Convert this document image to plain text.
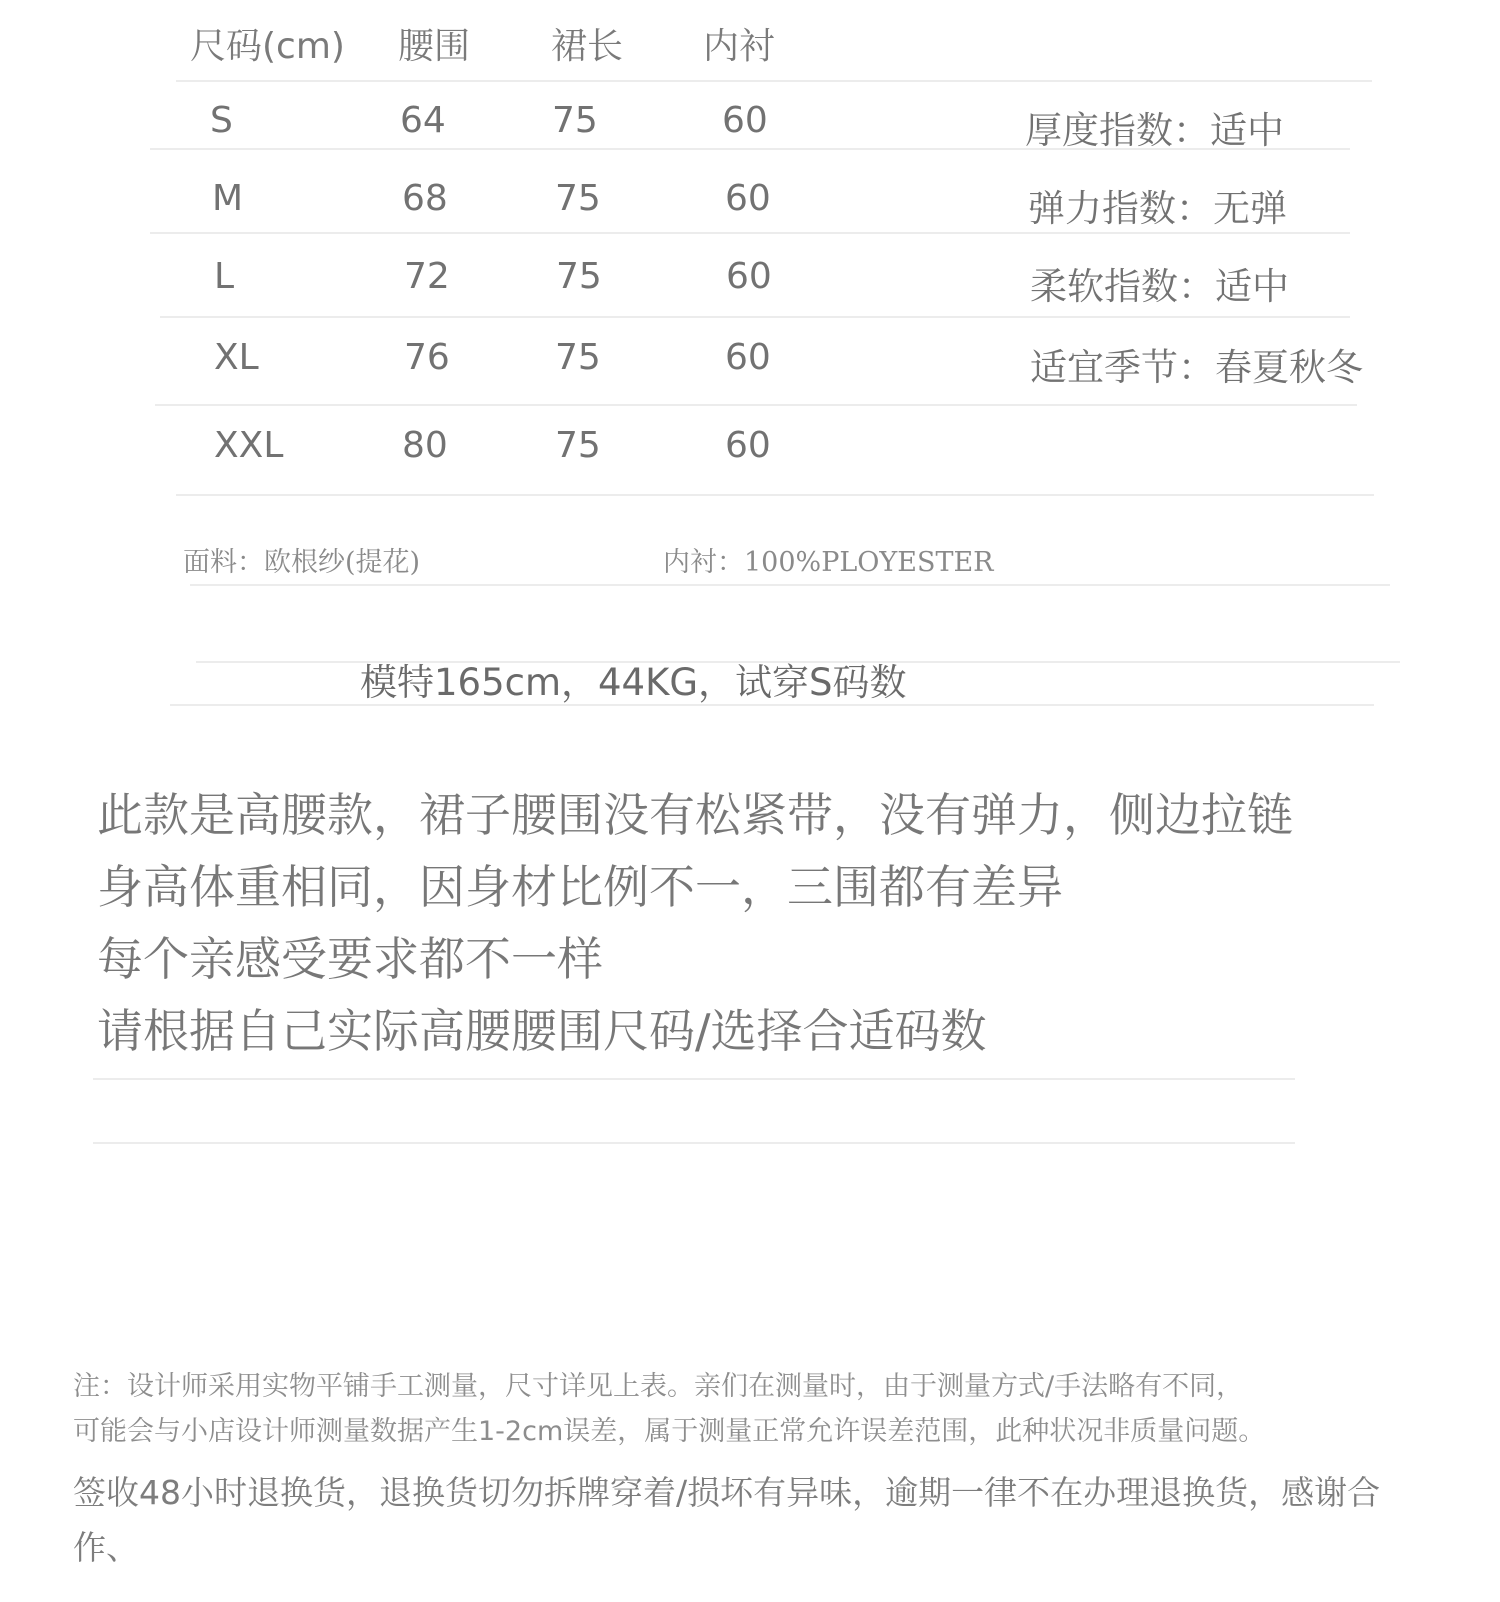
尺码(cm) 腰围 裙长 内衬
S	64	75	60
M	68	75	60
L	72	75	60
XL	76	75	60
XXL	80	75	60
厚度指数：适中
弹力指数：无弹
柔软指数：适中
适宜季节：春夏秋冬
面料：欧根纱(提花)	内衬：100%PLOYESTER
模特165cm，44KG，试穿S码数
此款是高腰款，裙子腰围没有松紧带，没有弹力，侧边拉链
身高体重相同，因身材比例不一，三围都有差异
每个亲感受要求都不一样
请根据自己实际高腰腰围尺码/选择合适码数
注：设计师采用实物平铺手工测量，尺寸详见上表。亲们在测量时，由于测量方式/手法略有不同，
可能会与小店设计师测量数据产生1-2cm误差，属于测量正常允许误差范围，此种状况非质量问题。
签收48小时退换货，退换货切勿拆牌穿着/损坏有异味，逾期一律不在办理退换货，感谢合作、
